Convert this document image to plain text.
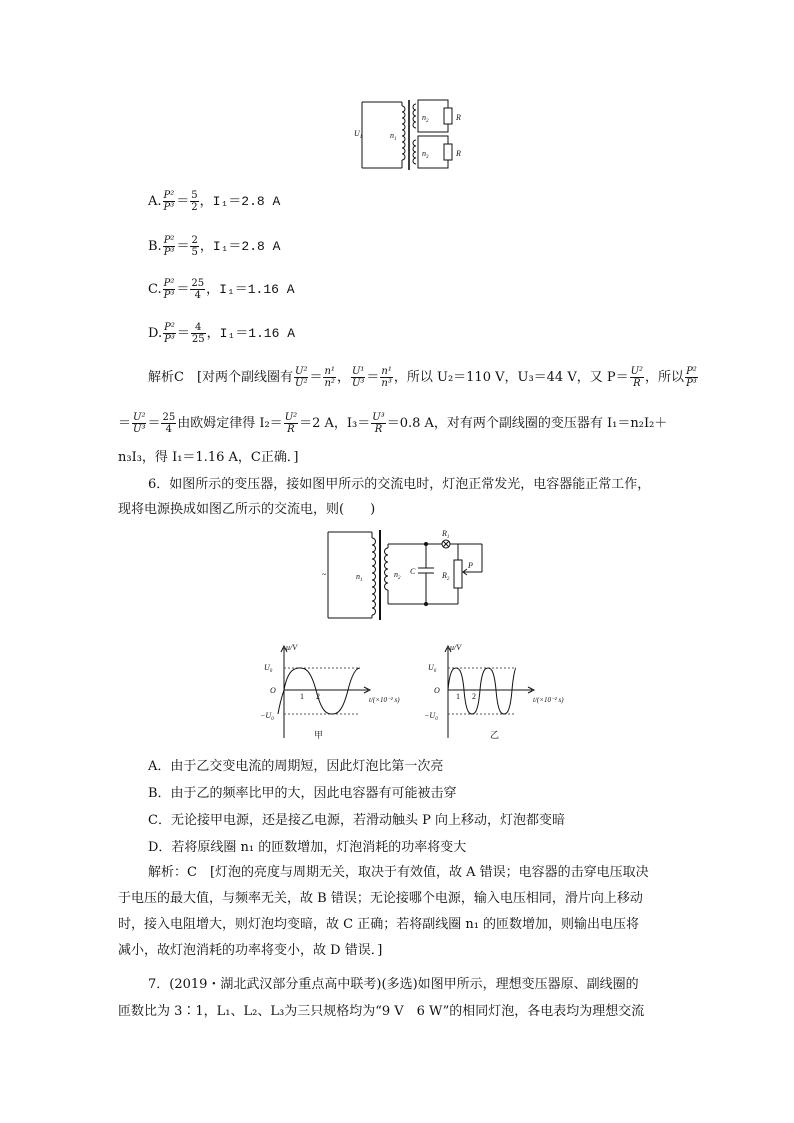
$U_1$	$n_1$
$n_2$
$n_3$
R
R
A. $\frac{\text{P²}}{\text{P³}} = \frac{5}{2}$ ，I₁＝2.8 A
B. $\frac{\text{P²}}{\text{P³}} = \frac{2}{5}$ ，I₁＝2.8 A
C. $\frac{\text{P²}}{\text{P³}} = \frac{25}{4}$ ，I₁＝1.16 A
D. $\frac{\text{P²}}{\text{P³}} = \frac{4}{25}$ ，I₁＝1.16 A
解析C　[对两个副线圈有 $\frac{\text{U²}}{\text{U²}} = \frac{\text{n¹}}{\text{n²}}$ ， $\frac{\text{U¹}}{\text{U³}} = \frac{\text{n¹}}{\text{n³}}$ ，所以 U₂＝110 V，U₃＝44 V，又 $P= \frac{\text{U²}}{R}$ ，所以 $\frac{\text{P²}}{\text{P³}}$
＝ $\frac{\text{U²}}{\text{U³}} = \frac{25}{4}$ 由欧姆定律得 $I_2= \frac{\text{U²}}{R} =2$ A，$I_3= \frac{\text{U³}}{R} =0.8$ A，对有两个副线圈的变压器有 I₁＝n₂I₂＋
n₃I₃，得 I₁＝1.16 A，C正确．]
6．如图所示的变压器，接如图甲所示的交流电时，灯泡正常发光，电容器能正常工作，
现将电源换成如图乙所示的交流电，则(　　)
~	$n_1$
$n_2$
C
$R_1$
$R_2$
P
u/V
$U_0$
O
$-U_0$
1 2	t/(×10⁻² s)
甲
u/V
$U_0$
O
$-U_0$
1 2	t/(×10⁻² s)
乙
A．由于乙交变电流的周期短，因此灯泡比第一次亮
B．由于乙的频率比甲的大，因此电容器有可能被击穿
C．无论接甲电源，还是接乙电源，若滑动触头 P 向上移动，灯泡都变暗
D．若将原线圈 n₁ 的匝数增加，灯泡消耗的功率将变大
解析：C　[灯泡的亮度与周期无关，取决于有效值，故 A 错误；电容器的击穿电压取决
于电压的最大值，与频率无关，故 B 错误；无论接哪个电源，输入电压相同，滑片向上移动
时，接入电阻增大，则灯泡均变暗，故 C 正确；若将副线圈 n₁ 的匝数增加，则输出电压将
减小，故灯泡消耗的功率将变小，故 D 错误．]
7．(2019・湖北武汉部分重点高中联考)(多选)如图甲所示，理想变压器原、副线圈的
匝数比为 3∶1，L₁、L₂、L₃为三只规格均为“9 V　6 W”的相同灯泡，各电表均为理想交流
